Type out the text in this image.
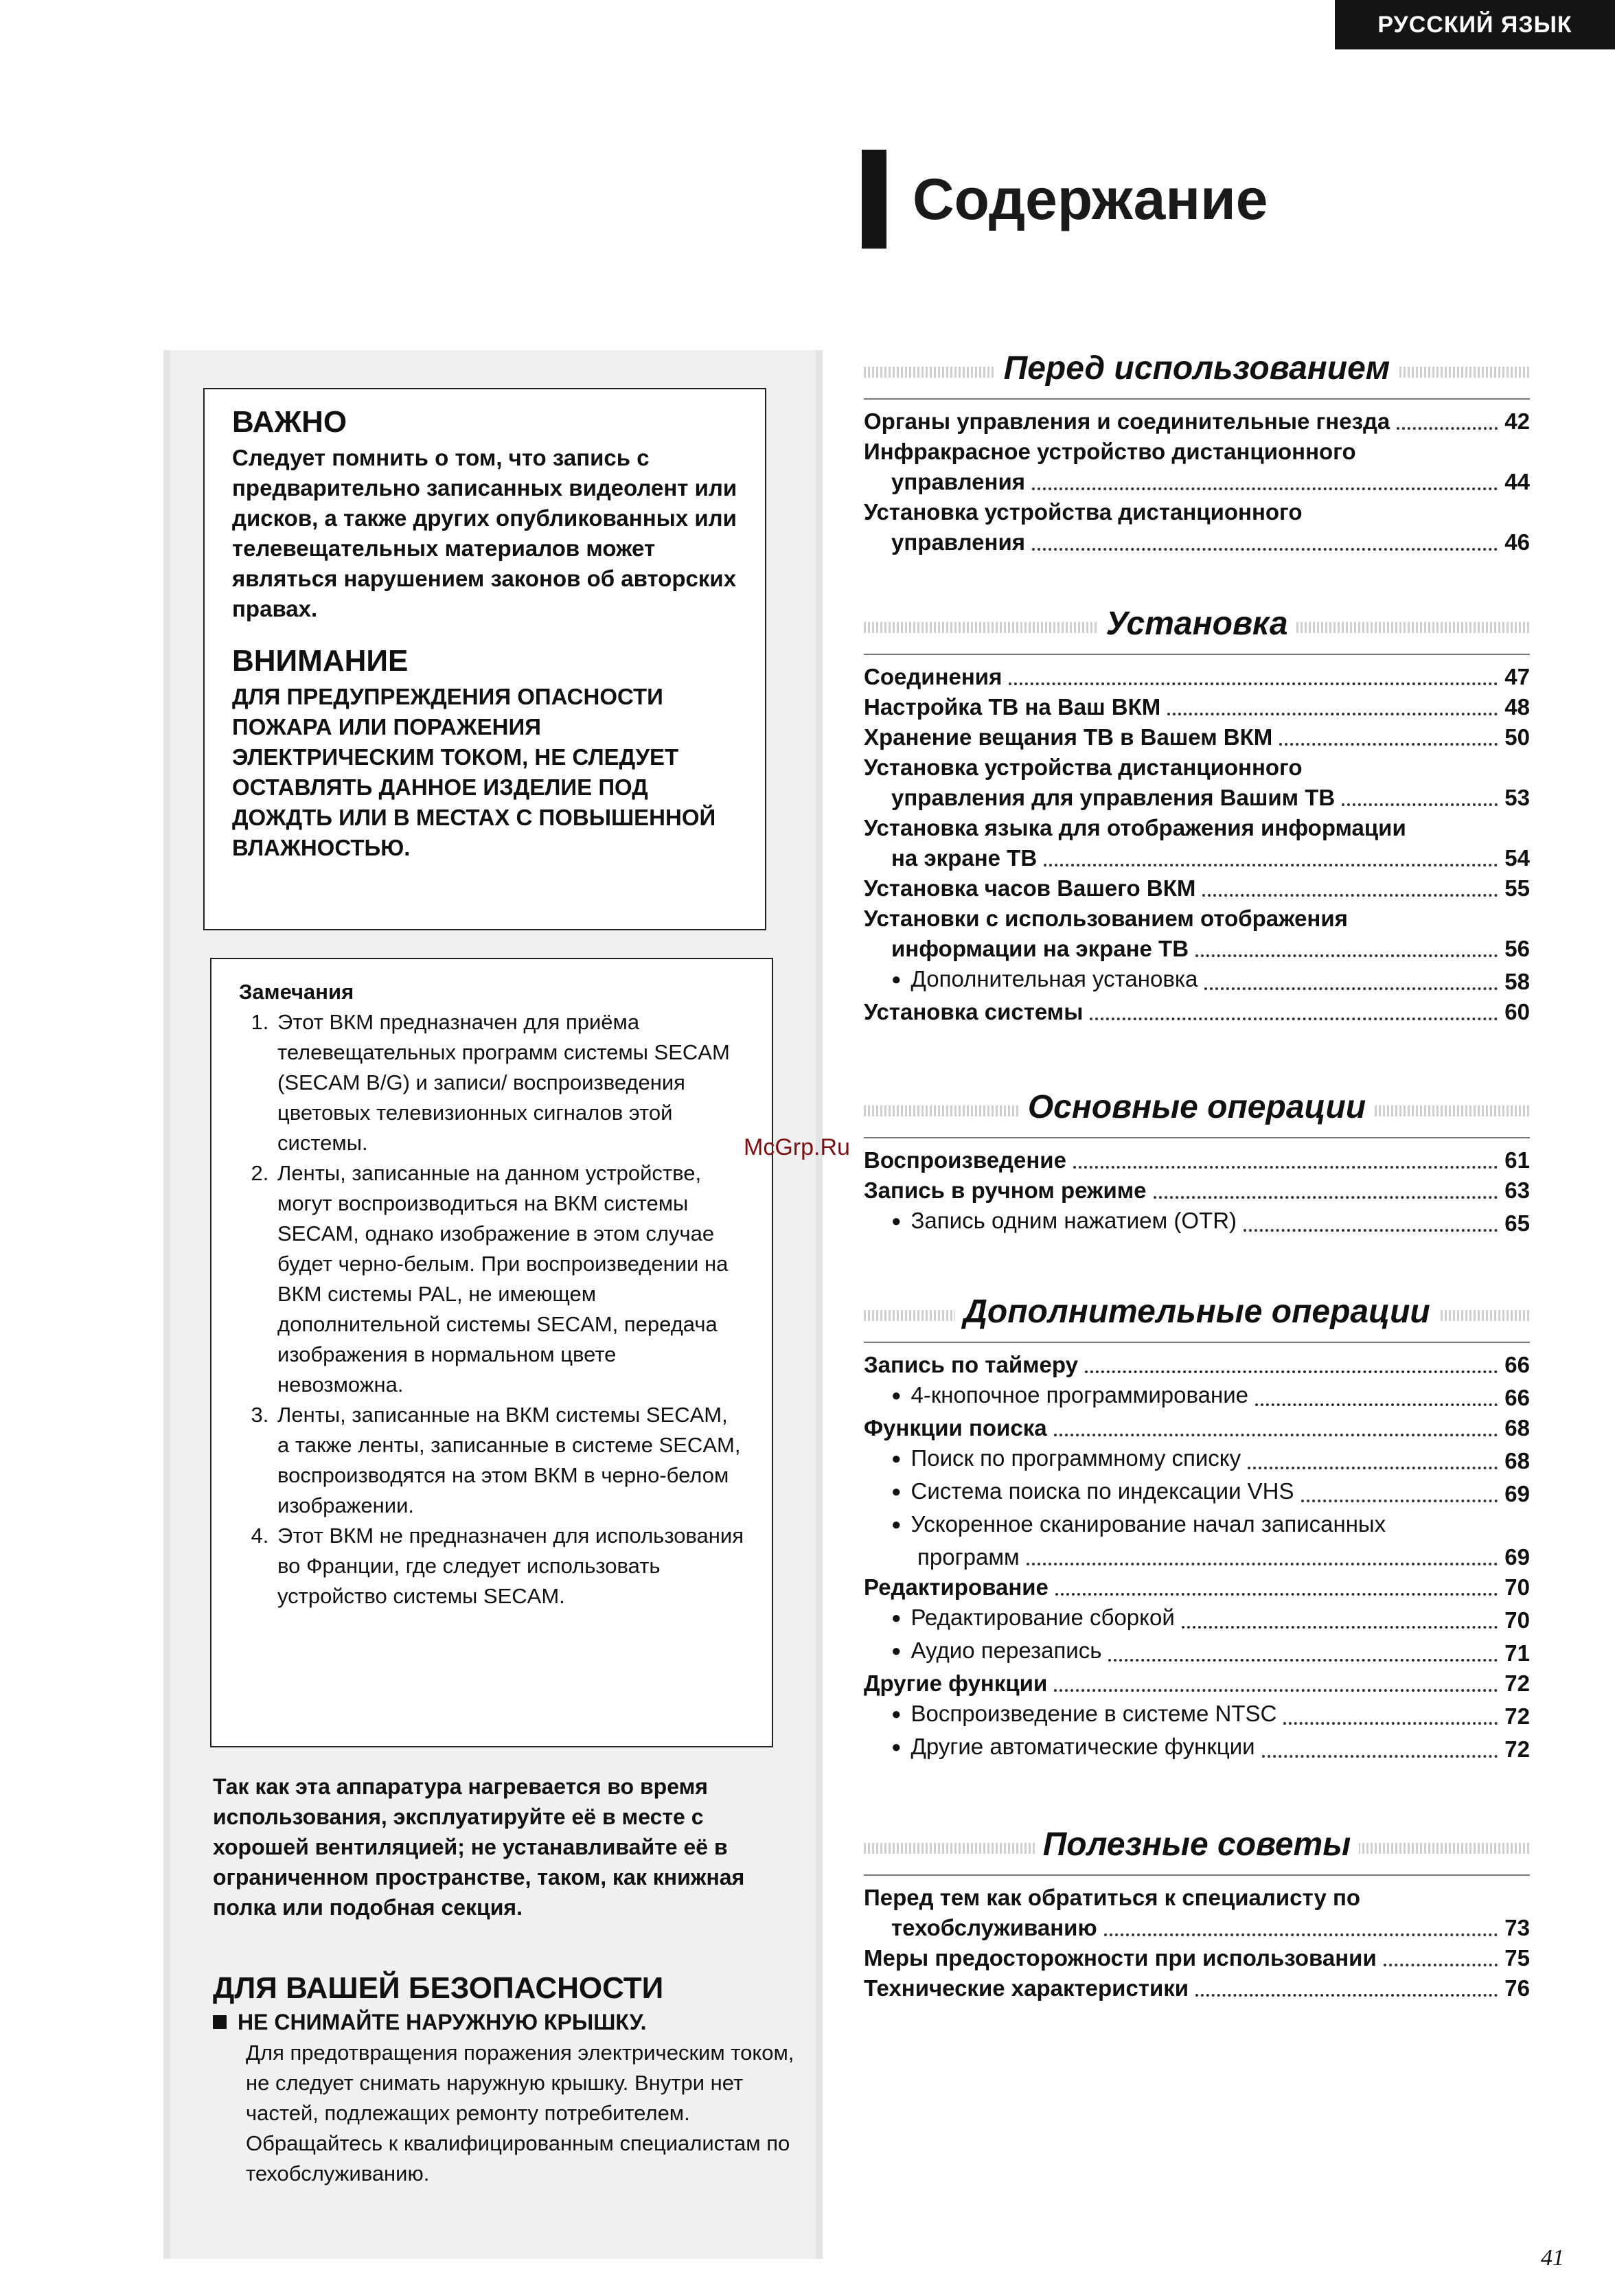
РУССКИЙ ЯЗЫК
Содержание
ВАЖНО

Следует помнить о том, что запись с предварительно записанных видеолент или дисков, а также других опубликованных или телевещательных материалов может являться нарушением законов об авторских правах.

ВНИМАНИЕ

ДЛЯ ПРЕДУПРЕЖДЕНИЯ ОПАСНОСТИ ПОЖАРА ИЛИ ПОРАЖЕНИЯ ЭЛЕКТРИЧЕСКИМ ТОКОМ, НЕ СЛЕДУЕТ ОСТАВЛЯТЬ ДАННОЕ ИЗДЕЛИЕ ПОД ДОЖДТЬ ИЛИ В МЕСТАХ С ПОВЫШЕННОЙ ВЛАЖНОСТЬЮ.

Замечания
1. Этот ВКМ предназначен для приёма телевещательных программ системы SECAM (SECAM B/G) и записи/ воспроизведения цветовых телевизионных сигналов этой системы.
2. Ленты, записанные на данном устройстве, могут воспроизводиться на ВКМ системы SECAM, однако изображение в этом случае будет черно-белым. При воспроизведении на ВКМ системы PAL, не имеющем дополнительной системы SECAM, передача изображения в нормальном цвете невозможна.
3. Ленты, записанные на ВКМ системы SECAM, а также ленты, записанные в системе SECAM, воспроизводятся на этом ВКМ в черно-белом изображении.
4. Этот ВКМ не предназначен для использования во Франции, где следует использовать устройство системы SECAM.
Так как эта аппаратура нагревается во время использования, эксплуатируйте её в месте с хорошей вентиляцией; не устанавливайте её в ограниченном пространстве, таком, как книжная полка или подобная секция.
ДЛЯ ВАШЕЙ БЕЗОПАСНОСТИ
НЕ СНИМАЙТЕ НАРУЖНУЮ КРЫШКУ.

Для предотвращения поражения электрическим током, не следует снимать наружную крышку. Внутри нет частей, подлежащих ремонту потребителем. Обращайтесь к квалифицированным специалистам по техобслуживанию.

Перед использованием
Органы управления и соединительные гнезда	42
Инфракрасное устройство дистанционного
управления	44
Установка устройства дистанционного
управления	46
Установка
Соединения	47
Настройка ТВ на Ваш ВКМ	48
Хранение вещания ТВ в Вашем ВКМ	50
Установка устройства дистанционного
управления для управления Вашим ТВ	53
Установка языка для отображения информации
на экране ТВ	54
Установка часов Вашего ВКМ	55
Установки с использованием отображения
информации на экране ТВ	56
● Дополнительная установка	58
Установка системы	60
Основные операции
Воспроизведение	61
Запись в ручном режиме	63
● Запись одним нажатием (OTR)	65
Дополнительные операции
Запись по таймеру	66
● 4-кнопочное программирование	66
Функции поиска	68
● Поиск по программному списку	68
● Система поиска по индексации VHS	69
● Ускоренное сканирование начал записанных
программ	69
Редактирование	70
● Редактирование сборкой	70
● Аудио перезапись	71
Другие функции	72
● Воспроизведение в системе NTSC	72
● Другие автоматические функции	72
Полезные советы
Перед тем как обратиться к специалисту по
техобслуживанию	73
Меры предосторожности при использовании	75
Технические характеристики	76
McGrp.Ru
41
